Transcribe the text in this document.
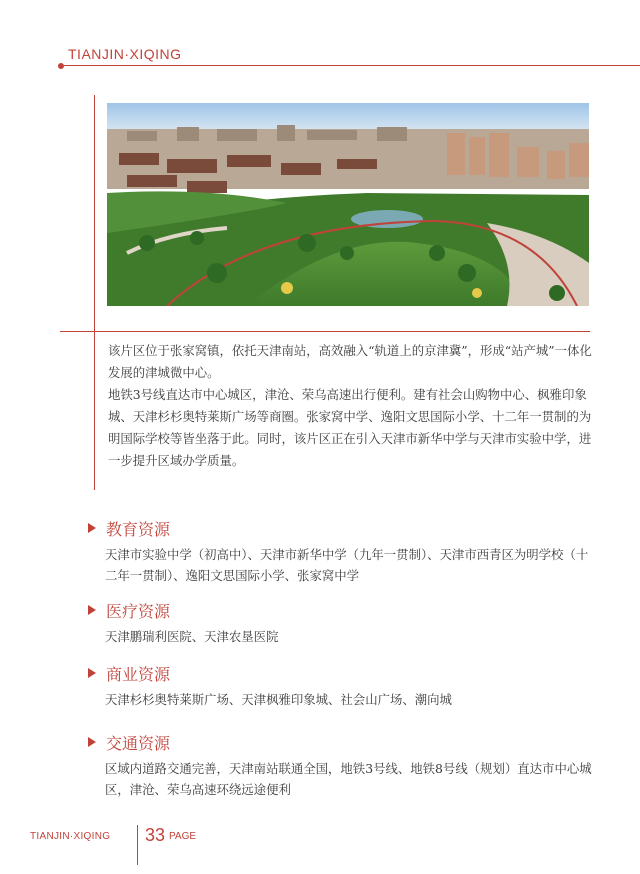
TIANJIN·XIQING

该片区位于张家窝镇，依托天津南站，高效融入“轨道上的京津冀”，形成“站产城”一体化发展的津城微中心。

地铁3号线直达市中心城区，津沧、荣乌高速出行便利。建有社会山购物中心、枫雅印象城、天津杉杉奥特莱斯广场等商圈。张家窝中学、逸阳文思国际小学、十二年一贯制的为明国际学校等皆坐落于此。同时，该片区正在引入天津市新华中学与天津市实验中学，进一步提升区域办学质量。

教育资源
天津市实验中学（初高中）、天津市新华中学（九年一贯制）、天津市西青区为明学校（十二年一贯制）、逸阳文思国际小学、张家窝中学
医疗资源
天津鹏瑞利医院、天津农垦医院
商业资源
天津杉杉奥特莱斯广场、天津枫雅印象城、社会山广场、潮向城
交通资源
区域内道路交通完善，天津南站联通全国，地铁3号线、地铁8号线（规划）直达市中心城区，津沧、荣乌高速环绕远途便利
TIANJIN·XIQING 33 PAGE
